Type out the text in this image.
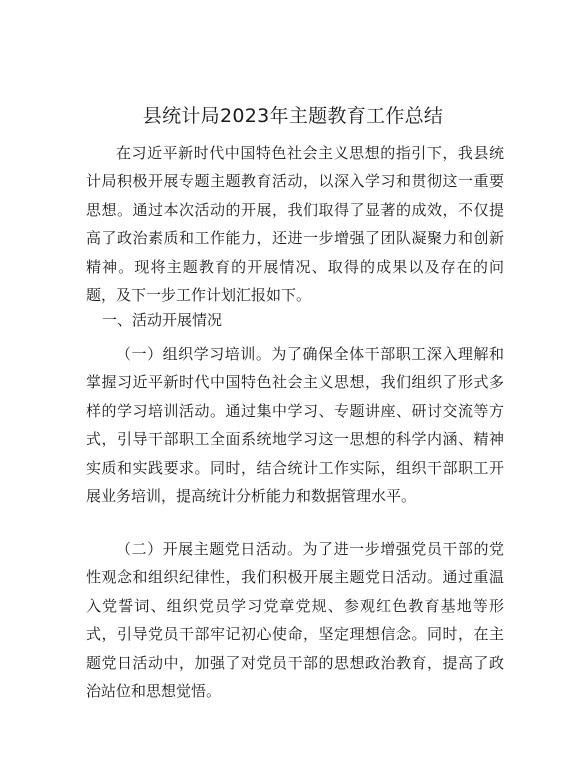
县统计局2023年主题教育工作总结

在习近平新时代中国特色社会主义思想的指引下，我县统计局积极开展专题主题教育活动，以深入学习和贯彻这一重要思想。通过本次活动的开展，我们取得了显著的成效，不仅提高了政治素质和工作能力，还进一步增强了团队凝聚力和创新精神。现将主题教育的开展情况、取得的成果以及存在的问题，及下一步工作计划汇报如下。

一、活动开展情况

（一）组织学习培训。为了确保全体干部职工深入理解和掌握习近平新时代中国特色社会主义思想，我们组织了形式多样的学习培训活动。通过集中学习、专题讲座、研讨交流等方式，引导干部职工全面系统地学习这一思想的科学内涵、精神实质和实践要求。同时，结合统计工作实际，组织干部职工开展业务培训，提高统计分析能力和数据管理水平。

（二）开展主题党日活动。为了进一步增强党员干部的党性观念和组织纪律性，我们积极开展主题党日活动。通过重温入党誓词、组织党员学习党章党规、参观红色教育基地等形式，引导党员干部牢记初心使命，坚定理想信念。同时，在主题党日活动中，加强了对党员干部的思想政治教育，提高了政治站位和思想觉悟。
